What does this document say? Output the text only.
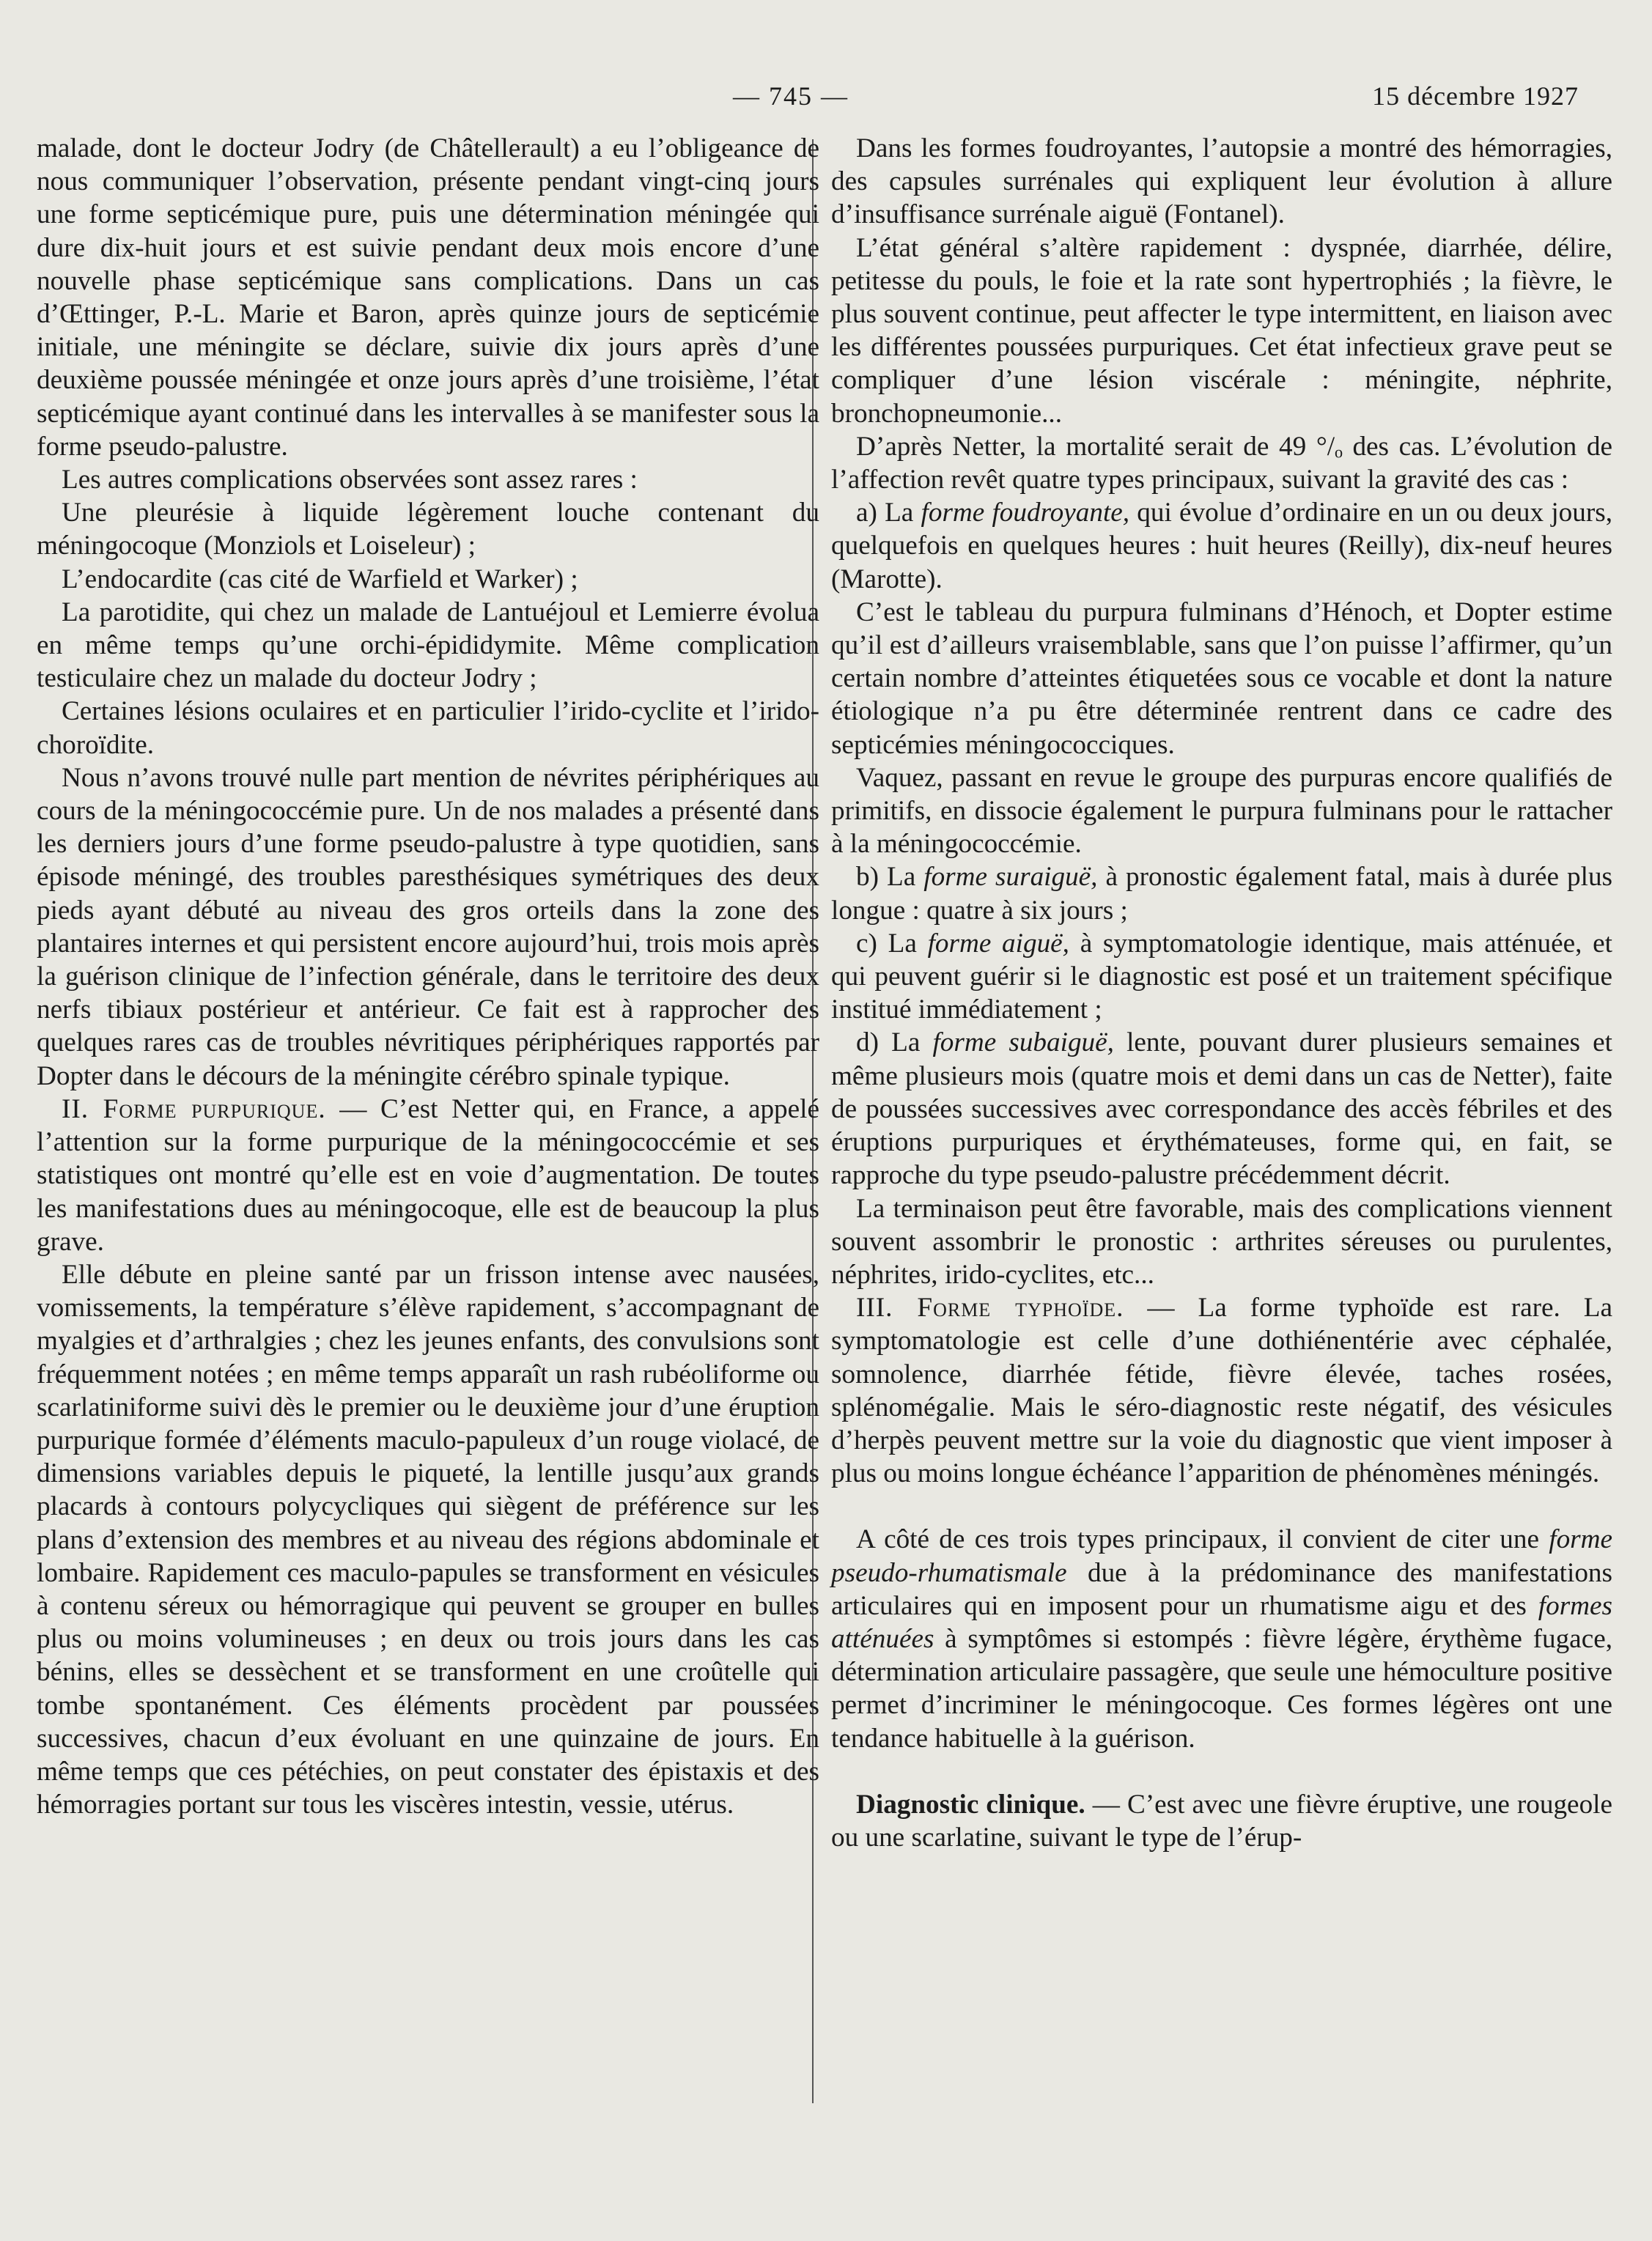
— 745 —	15 décembre 1927

malade, dont le docteur Jodry (de Châtellerault) a eu l’obligeance de nous communiquer l’observation, présente pendant vingt-cinq jours une forme septicémique pure, puis une détermination méningée qui dure dix-huit jours et est suivie pendant deux mois encore d’une nouvelle phase septicémique sans complications. Dans un cas d’Œttinger, P.-L. Marie et Baron, après quinze jours de septicémie initiale, une méningite se déclare, suivie dix jours après d’une deuxième poussée méningée et onze jours après d’une troisième, l’état septicémique ayant continué dans les intervalles à se manifester sous la forme pseudo-palustre.

Les autres complications observées sont assez rares :

Une pleurésie à liquide légèrement louche contenant du méningocoque (Monziols et Loiseleur) ;

L’endocardite (cas cité de Warfield et Warker) ;

La parotidite, qui chez un malade de Lantuéjoul et Lemierre évolua en même temps qu’une orchi-épididymite. Même complication testiculaire chez un malade du docteur Jodry ;

Certaines lésions oculaires et en particulier l’irido-cyclite et l’irido-choroïdite.

Nous n’avons trouvé nulle part mention de névrites périphériques au cours de la méningococcémie pure. Un de nos malades a présenté dans les derniers jours d’une forme pseudo-palustre à type quotidien, sans épisode méningé, des troubles paresthésiques symétriques des deux pieds ayant débuté au niveau des gros orteils dans la zone des plantaires internes et qui persistent encore aujourd’hui, trois mois après la guérison clinique de l’infection générale, dans le territoire des deux nerfs tibiaux postérieur et antérieur. Ce fait est à rapprocher des quelques rares cas de troubles névritiques périphériques rapportés par Dopter dans le décours de la méningite cérébro spinale typique.

II. Forme purpurique. — C’est Netter qui, en France, a appelé l’attention sur la forme purpurique de la méningococcémie et ses statistiques ont montré qu’elle est en voie d’augmentation. De toutes les manifestations dues au méningocoque, elle est de beaucoup la plus grave.

Elle débute en pleine santé par un frisson intense avec nausées, vomissements, la température s’élève rapidement, s’accompagnant de myalgies et d’arthralgies ; chez les jeunes enfants, des convulsions sont fréquemment notées ; en même temps apparaît un rash rubéoliforme ou scarlatiniforme suivi dès le premier ou le deuxième jour d’une éruption purpurique formée d’éléments maculo-papuleux d’un rouge violacé, de dimensions variables depuis le piqueté, la lentille jusqu’aux grands placards à contours polycycliques qui siègent de préférence sur les plans d’extension des membres et au niveau des régions abdominale et lombaire. Rapidement ces maculo-papules se transforment en vésicules à contenu séreux ou hémorragique qui peuvent se grouper en bulles plus ou moins volumineuses ; en deux ou trois jours dans les cas bénins, elles se dessèchent et se transforment en une croûtelle qui tombe spontanément. Ces éléments procèdent par poussées successives, chacun d’eux évoluant en une quinzaine de jours. En même temps que ces pétéchies, on peut constater des épistaxis et des hémorragies portant sur tous les viscères intestin, vessie, utérus.

Dans les formes foudroyantes, l’autopsie a montré des hémorragies, des capsules surrénales qui expliquent leur évolution à allure d’insuffisance surrénale aiguë (Fontanel).

L’état général s’altère rapidement : dyspnée, diarrhée, délire, petitesse du pouls, le foie et la rate sont hypertrophiés ; la fièvre, le plus souvent continue, peut affecter le type intermittent, en liaison avec les différentes poussées purpuriques. Cet état infectieux grave peut se compliquer d’une lésion viscérale : méningite, néphrite, bronchopneumonie...

D’après Netter, la mortalité serait de 49 °/ₒ des cas. L’évolution de l’affection revêt quatre types principaux, suivant la gravité des cas :

a) La forme foudroyante, qui évolue d’ordinaire en un ou deux jours, quelquefois en quelques heures : huit heures (Reilly), dix-neuf heures (Marotte).

C’est le tableau du purpura fulminans d’Hénoch, et Dopter estime qu’il est d’ailleurs vraisemblable, sans que l’on puisse l’affirmer, qu’un certain nombre d’atteintes étiquetées sous ce vocable et dont la nature étiologique n’a pu être déterminée rentrent dans ce cadre des septicémies méningococciques.

Vaquez, passant en revue le groupe des purpuras encore qualifiés de primitifs, en dissocie également le purpura fulminans pour le rattacher à la méningococcémie.

b) La forme suraiguë, à pronostic également fatal, mais à durée plus longue : quatre à six jours ;

c) La forme aiguë, à symptomatologie identique, mais atténuée, et qui peuvent guérir si le diagnostic est posé et un traitement spécifique institué immédiatement ;

d) La forme subaiguë, lente, pouvant durer plusieurs semaines et même plusieurs mois (quatre mois et demi dans un cas de Netter), faite de poussées successives avec correspondance des accès fébriles et des éruptions purpuriques et érythémateuses, forme qui, en fait, se rapproche du type pseudo-palustre précédemment décrit.

La terminaison peut être favorable, mais des complications viennent souvent assombrir le pronostic : arthrites séreuses ou purulentes, néphrites, irido-cyclites, etc...

III. Forme typhoïde. — La forme typhoïde est rare. La symptomatologie est celle d’une dothiénentérie avec céphalée, somnolence, diarrhée fétide, fièvre élevée, taches rosées, splénomégalie. Mais le séro-diagnostic reste négatif, des vésicules d’herpès peuvent mettre sur la voie du diagnostic que vient imposer à plus ou moins longue échéance l’apparition de phénomènes méningés.

A côté de ces trois types principaux, il convient de citer une forme pseudo-rhumatismale due à la prédominance des manifestations articulaires qui en imposent pour un rhumatisme aigu et des formes atténuées à symptômes si estompés : fièvre légère, érythème fugace, détermination articulaire passagère, que seule une hémoculture positive permet d’incriminer le méningocoque. Ces formes légères ont une tendance habituelle à la guérison.

Diagnostic clinique. — C’est avec une fièvre éruptive, une rougeole ou une scarlatine, suivant le type de l’érup-
